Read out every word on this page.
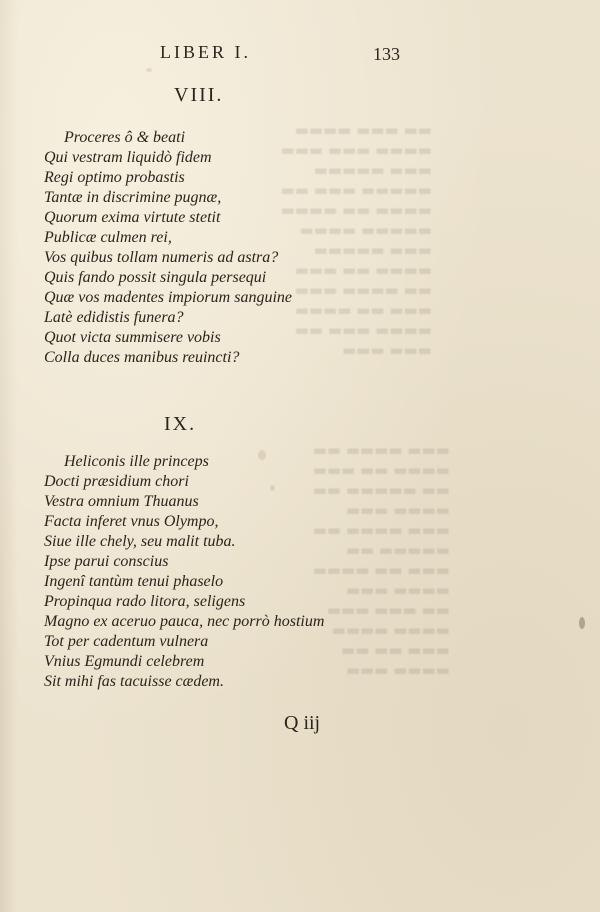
▬▬ ▬▬▬ ▬▬▬▬
▬▬▬▬ ▬▬▬ ▬▬▬
▬▬▬ ▬▬▬▬▬
▬▬▬▬▬ ▬▬▬ ▬▬
▬▬▬▬ ▬▬ ▬▬▬▬
▬▬▬▬▬ ▬▬▬▬
▬▬▬ ▬▬▬▬▬
▬▬▬▬ ▬▬ ▬▬▬
▬▬ ▬▬▬▬ ▬▬▬
▬▬▬ ▬▬ ▬▬▬▬
▬▬▬▬ ▬▬▬ ▬▬
▬▬▬ ▬▬▬
▬▬▬ ▬▬▬▬ ▬▬
▬▬▬▬ ▬▬ ▬▬▬
▬▬ ▬▬▬▬▬ ▬▬
▬▬▬▬ ▬▬▬
▬▬▬ ▬▬▬▬ ▬▬
▬▬▬▬▬ ▬▬
▬▬▬ ▬▬ ▬▬▬▬
▬▬▬▬ ▬▬▬
▬▬ ▬▬▬ ▬▬▬
▬▬▬▬ ▬▬▬▬
▬▬▬ ▬▬ ▬▬
▬▬▬▬ ▬▬▬
LIBER I.	133
VIII.
Proceres ô & beati
Qui vestram liquidò fidem
Regi optimo probastis
Tantæ in discrimine pugnæ,
Quorum exima virtute stetit
Publicæ culmen rei,
Vos quibus tollam numeris ad astra?
Quis fando possit singula persequi
Quæ vos madentes impiorum sanguine
Latè edidistis funera?
Quot victa summisere vobis
Colla duces manibus reuincti?
IX.
Heliconis ille princeps
Docti præsidium chori
Vestra omnium Thuanus
Facta inferet vnus Olympo,
Siue ille chely, seu malit tuba.
Ipse parui conscius
Ingenî tantùm tenui phaselo
Propinqua rado litora, seligens
Magno ex aceruo pauca, nec porrò hostium
Tot per cadentum vulnera
Vnius Egmundi celebrem
Sit mihi fas tacuisse cædem.
Q iij
